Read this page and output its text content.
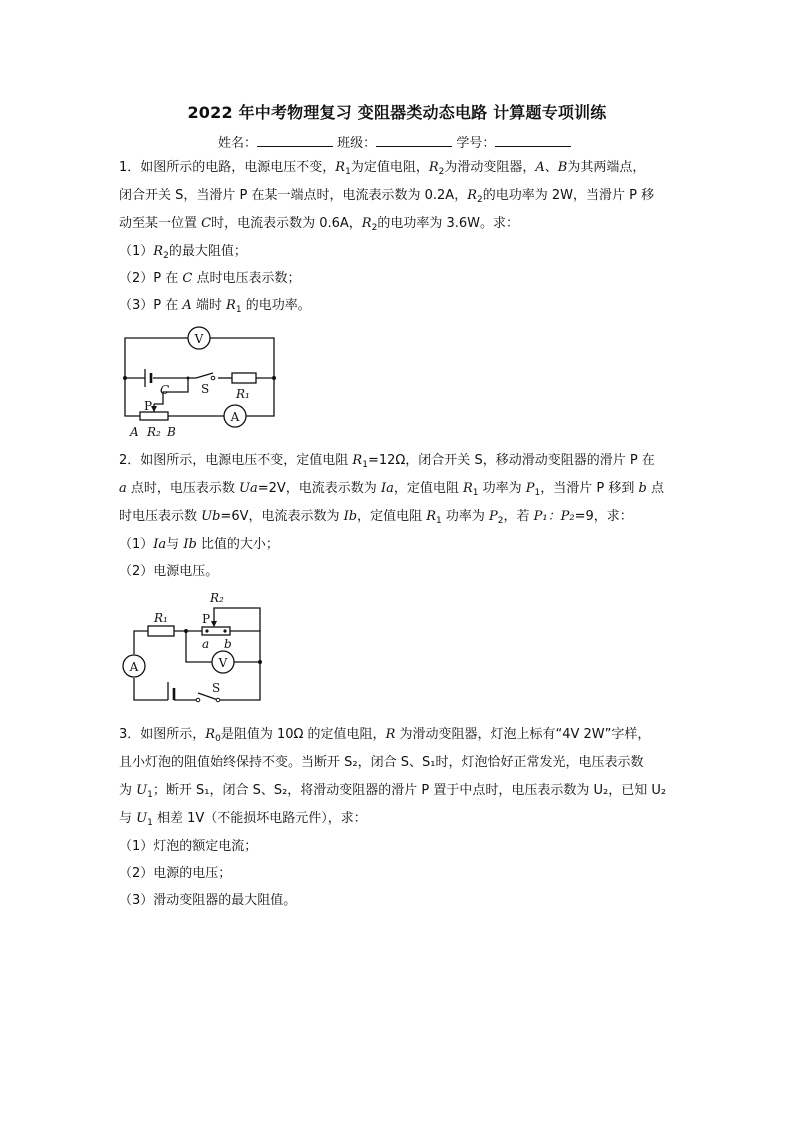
2022 年中考物理复习 变阻器类动态电路 计算题专项训练
姓名：	班级：	学号：
1．如图所示的电路，电源电压不变，$R_1$为定值电阻，$R_2$为滑动变阻器，A、B为其两端点，
闭合开关 S，当滑片 P 在某一端点时，电流表示数为 0.2A，$R_2$的电功率为 2W，当滑片 P 移
动至某一位置 C时，电流表示数为 0.6A，$R_2$的电功率为 3.6W。求：
$(1)R_2$的最大阻值；
（2）P 在 C 点时电压表示数；
（3）P 在 A 端时 $R_1$ 的电功率。
V
A
S R₁
P
C
A R₂ B
2．如图所示，电源电压不变，定值电阻 $R_1=12\Omega$，闭合开关 S，移动滑动变阻器的滑片 P 在
a 点时，电压表示数 Ua=2V，电流表示数为 Ia，定值电阻 $R_1$ 功率为 $P_1$，当滑片 P 移到 b 点
时电压表示数 Ub=6V，电流表示数为 Ib，定值电阻 $R_1$ 功率为 $P_2$，若 P₁：P₂=9，求：
（1）Ia与 Ib 比值的大小；
（2）电源电压。
A	V
S
R₁
R₂
P
a b
3．如图所示，$R_0$是阻值为 10Ω 的定值电阻，R 为滑动变阻器，灯泡上标有“4V 2W”字样，
且小灯泡的阻值始终保持不变。当断开 S₂，闭合 S、S₁时，灯泡恰好正常发光，电压表示数
为 $U_1$；断开 S₁，闭合 S、S₂，将滑动变阻器的滑片 P 置于中点时，电压表示数为 U₂，已知 U₂
与 $U_1$ 相差 1V（不能损坏电路元件），求：
（1）灯泡的额定电流；
（2）电源的电压；
（3）滑动变阻器的最大阻值。
